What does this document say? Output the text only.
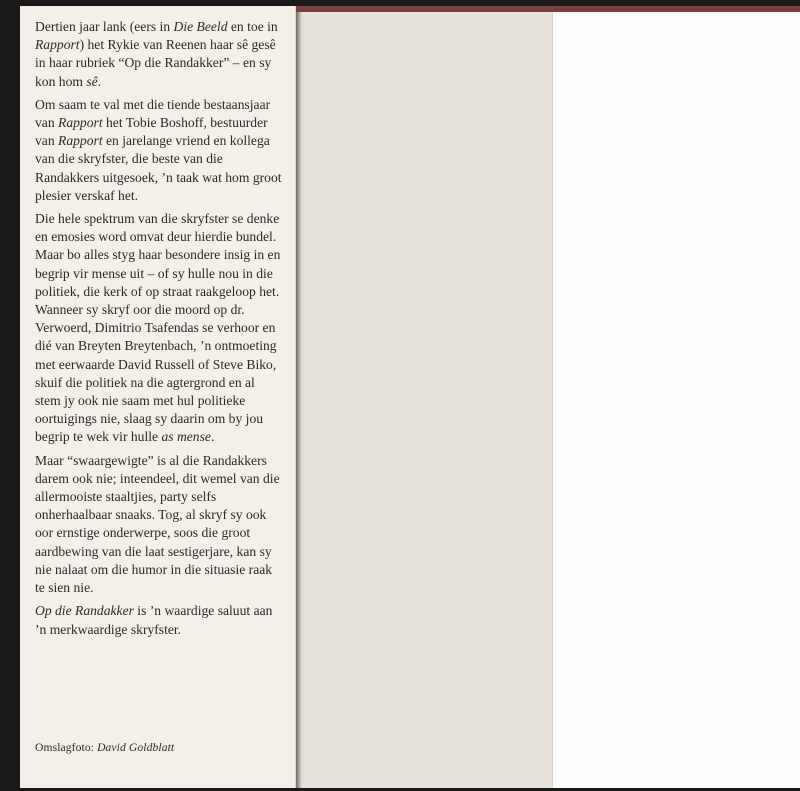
Dertien jaar lank (eers in Die Beeld en toe in Rapport) het Rykie van Reenen haar sê gesê in haar rubriek “Op die Randakker” – en sy kon hom sê.

Om saam te val met die tiende bestaansjaar van Rapport het Tobie Boshoff, bestuurder van Rapport en jarelange vriend en kollega van die skryfster, die beste van die Randakkers uitgesoek, ’n taak wat hom groot plesier verskaf het.

Die hele spektrum van die skryfster se denke en emosies word omvat deur hierdie bundel. Maar bo alles styg haar besondere insig in en begrip vir mense uit – of sy hulle nou in die politiek, die kerk of op straat raakgeloop het. Wanneer sy skryf oor die moord op dr. Verwoerd, Dimitrio Tsafendas se verhoor en dié van Breyten Breytenbach, ’n ontmoeting met eerwaarde David Russell of Steve Biko, skuif die politiek na die agtergrond en al stem jy ook nie saam met hul politieke oortuigings nie, slaag sy daarin om by jou begrip te wek vir hulle as mense.

Maar “swaargewigte” is al die Randakkers darem ook nie; inteendeel, dit wemel van die allermooiste staaltjies, party selfs onherhaalbaar snaaks. Tog, al skryf sy ook oor ernstige onderwerpe, soos die groot aardbewing van die laat sestigerjare, kan sy nie nalaat om die humor in die situasie raak te sien nie.

Op die Randakker is ’n waardige saluut aan ’n merkwaardige skryfster.

Omslagfoto: David Goldblatt
